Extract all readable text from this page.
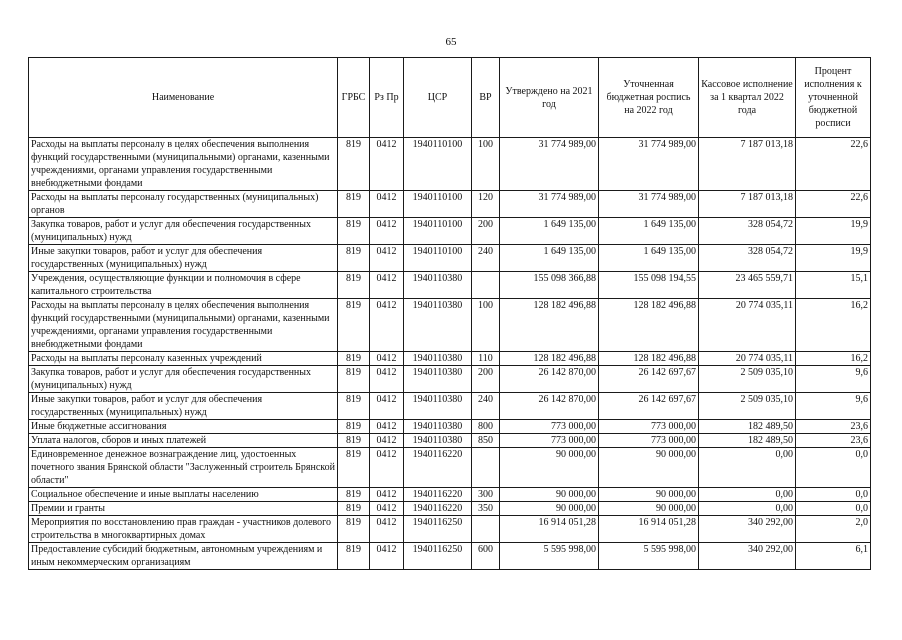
65
Наименование	ГРБС	Рз Пр	ЦСР	ВР	Утверждено на 2021 год	Уточненная бюджетная роспись на 2022 год	Кассовое исполнение за 1 квартал 2022 года	Процент исполнения к уточненной бюджетной росписи
Расходы на выплаты персоналу в целях обеспечения выполнения функций государственными (муниципальными) органами, казенными учреждениями, органами управления государственными внебюджетными фондами	819	0412	1940110100	100	31 774 989,00	31 774 989,00	7 187 013,18	22,6
Расходы на выплаты персоналу государственных (муниципальных) органов	819	0412	1940110100	120	31 774 989,00	31 774 989,00	7 187 013,18	22,6
Закупка товаров, работ и услуг для обеспечения государственных (муниципальных) нужд	819	0412	1940110100	200	1 649 135,00	1 649 135,00	328 054,72	19,9
Иные закупки товаров, работ и услуг для обеспечения государственных (муниципальных) нужд	819	0412	1940110100	240	1 649 135,00	1 649 135,00	328 054,72	19,9
Учреждения, осуществляющие функции и полномочия в сфере капитального строительства	819	0412	1940110380		155 098 366,88	155 098 194,55	23 465 559,71	15,1
Расходы на выплаты персоналу в целях обеспечения выполнения функций государственными (муниципальными) органами, казенными учреждениями, органами управления государственными внебюджетными фондами	819	0412	1940110380	100	128 182 496,88	128 182 496,88	20 774 035,11	16,2
Расходы на выплаты персоналу казенных учреждений	819	0412	1940110380	110	128 182 496,88	128 182 496,88	20 774 035,11	16,2
Закупка товаров, работ и услуг для обеспечения государственных (муниципальных) нужд	819	0412	1940110380	200	26 142 870,00	26 142 697,67	2 509 035,10	9,6
Иные закупки товаров, работ и услуг для обеспечения государственных (муниципальных) нужд	819	0412	1940110380	240	26 142 870,00	26 142 697,67	2 509 035,10	9,6
Иные бюджетные ассигнования	819	0412	1940110380	800	773 000,00	773 000,00	182 489,50	23,6
Уплата налогов, сборов и иных платежей	819	0412	1940110380	850	773 000,00	773 000,00	182 489,50	23,6
Единовременное денежное вознаграждение лиц, удостоенных почетного звания Брянской области "Заслуженный строитель Брянской области"	819	0412	1940116220		90 000,00	90 000,00	0,00	0,0
Социальное обеспечение и иные выплаты населению	819	0412	1940116220	300	90 000,00	90 000,00	0,00	0,0
Премии и гранты	819	0412	1940116220	350	90 000,00	90 000,00	0,00	0,0
Мероприятия по восстановлению прав граждан - участников долевого строительства в многоквартирных домах	819	0412	1940116250		16 914 051,28	16 914 051,28	340 292,00	2,0
Предоставление субсидий бюджетным, автономным учреждениям и иным некоммерческим организациям	819	0412	1940116250	600	5 595 998,00	5 595 998,00	340 292,00	6,1
